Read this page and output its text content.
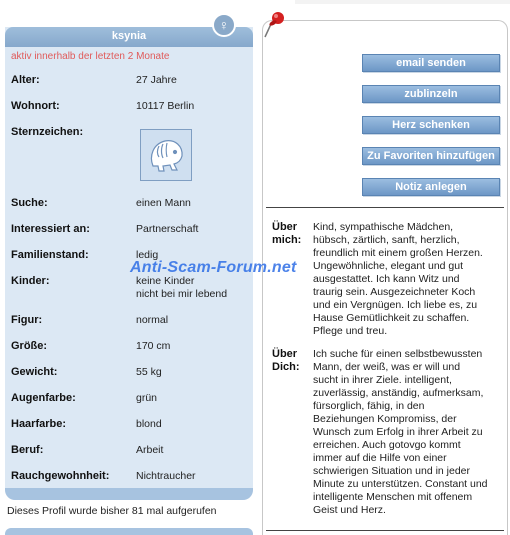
ksynia
♀
aktiv innerhalb der letzten 2 Monate
Alter:	27 Jahre
Wohnort:	10117 Berlin
Sternzeichen:
Suche:	einen Mann
Interessiert an:	Partnerschaft
Familienstand:	ledig
Kinder:	keine Kinder
nicht bei mir lebend
Figur:	normal
Größe:	170 cm
Gewicht:	55 kg
Augenfarbe:	grün
Haarfarbe:	blond
Beruf:	Arbeit
Rauchgewohnheit:	Nichtraucher
Dieses Profil wurde bisher 81 mal aufgerufen
email senden
zublinzeln
Herz schenken
Zu Favoriten hinzufügen
Notiz anlegen
Über
mich:
Kind, sympathische Mädchen,
hübsch, zärtlich, sanft, herzlich,
freundlich mit einem großen Herzen.
Ungewöhnliche, elegant und gut
ausgestattet. Ich kann Witz und
traurig sein. Ausgezeichneter Koch
und ein Vergnügen. Ich liebe es, zu
Hause Gemütlichkeit zu schaffen.
Pflege und treu.
Über
Dich:
Ich suche für einen selbstbewussten
Mann, der weiß, was er will und
sucht in ihrer Ziele. intelligent,
zuverlässig, anständig, aufmerksam,
fürsorglich, fähig, in den
Beziehungen Kompromiss, der
Wunsch zum Erfolg in ihrer Arbeit zu
erreichen. Auch gotovgo kommt
immer auf die Hilfe von einer
schwierigen Situation und in jeder
Minute zu unterstützen. Constant und
intelligente Menschen mit offenem
Geist und Herz.
Anti-Scam-Forum.net
